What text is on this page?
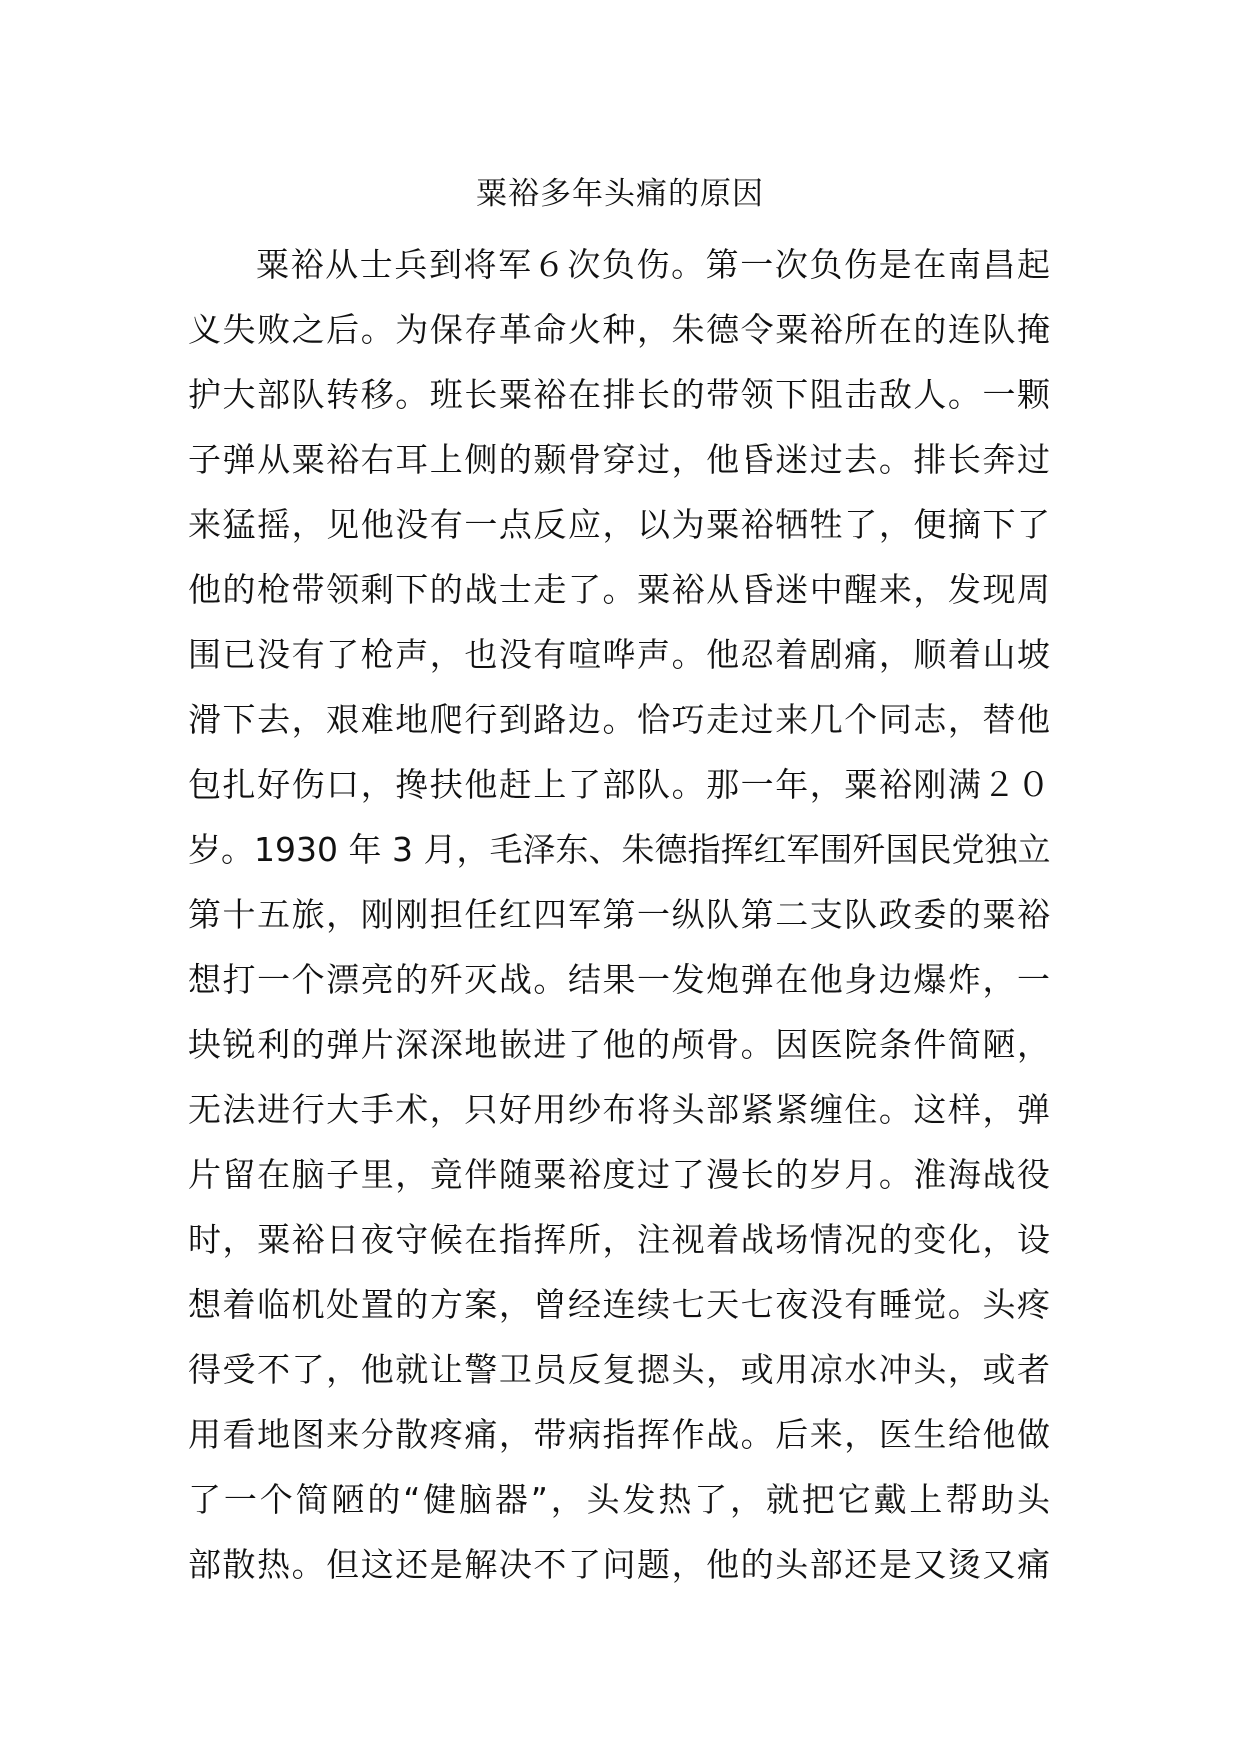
粟裕多年头痛的原因
粟裕从士兵到将军６次负伤。第一次负伤是在南昌起
义失败之后。为保存革命火种，朱德令粟裕所在的连队掩
护大部队转移。班长粟裕在排长的带领下阻击敌人。一颗
子弹从粟裕右耳上侧的颞骨穿过，他昏迷过去。排长奔过
来猛摇，见他没有一点反应，以为粟裕牺牲了，便摘下了
他的枪带领剩下的战士走了。粟裕从昏迷中醒来，发现周
围已没有了枪声，也没有喧哗声。他忍着剧痛，顺着山坡
滑下去，艰难地爬行到路边。恰巧走过来几个同志，替他
包扎好伤口，搀扶他赶上了部队。那一年，粟裕刚满２０
岁。1930 年 3 月，毛泽东、朱德指挥红军围歼国民党独立
第十五旅，刚刚担任红四军第一纵队第二支队政委的粟裕
想打一个漂亮的歼灭战。结果一发炮弹在他身边爆炸，一
块锐利的弹片深深地嵌进了他的颅骨。因医院条件简陋，
无法进行大手术，只好用纱布将头部紧紧缠住。这样，弹
片留在脑子里，竟伴随粟裕度过了漫长的岁月。淮海战役
时，粟裕日夜守候在指挥所，注视着战场情况的变化，设
想着临机处置的方案，曾经连续七天七夜没有睡觉。头疼
得受不了，他就让警卫员反复摁头，或用凉水冲头，或者
用看地图来分散疼痛，带病指挥作战。后来，医生给他做
了一个简陋的“健脑器”，头发热了，就把它戴上帮助头
部散热。但这还是解决不了问题，他的头部还是又烫又痛
